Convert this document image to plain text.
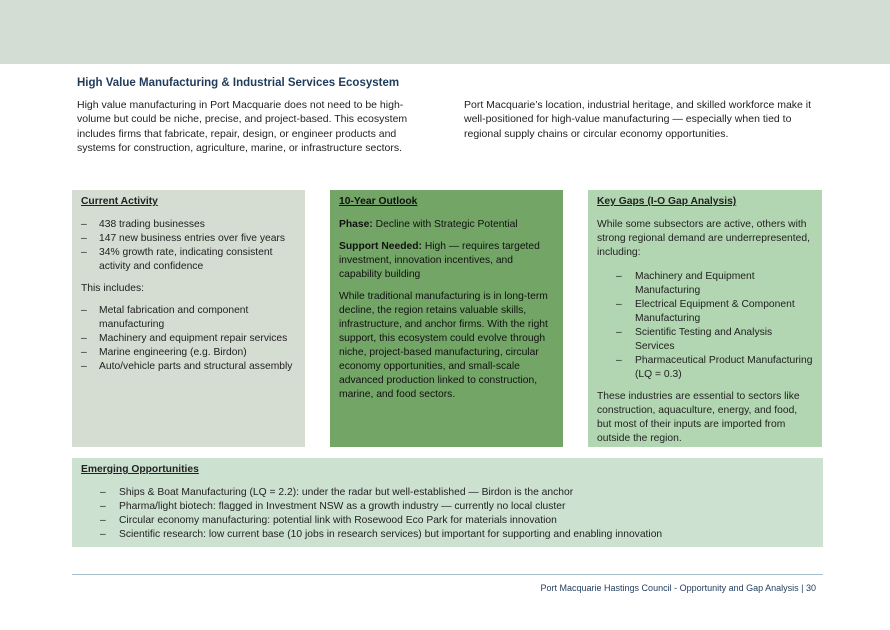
High Value Manufacturing & Industrial Services Ecosystem

High value manufacturing in Port Macquarie does not need to be high-volume but could be niche, precise, and project-based. This ecosystem includes firms that fabricate, repair, design, or engineer products and systems for construction, agriculture, marine, or infrastructure sectors.

Port Macquarie’s location, industrial heritage, and skilled workforce make it well-positioned for high-value manufacturing — especially when tied to regional supply chains or circular economy opportunities.

Current Activity
– 438 trading businesses
– 147 new business entries over five years
– 34% growth rate, indicating consistent activity and confidence

This includes:

– Metal fabrication and component manufacturing
– Machinery and equipment repair services
– Marine engineering (e.g. Birdon)
– Auto/vehicle parts and structural assembly
10-Year Outlook

Phase: Decline with Strategic Potential

Support Needed: High — requires targeted investment, innovation incentives, and capability building

While traditional manufacturing is in long-term decline, the region retains valuable skills, infrastructure, and anchor firms. With the right support, this ecosystem could evolve through niche, project-based manufacturing, circular economy opportunities, and small-scale advanced production linked to construction, marine, and food sectors.

Key Gaps (I-O Gap Analysis)

While some subsectors are active, others with strong regional demand are underrepresented, including:

– Machinery and Equipment Manufacturing
– Electrical Equipment & Component Manufacturing
– Scientific Testing and Analysis Services
– Pharmaceutical Product Manufacturing (LQ = 0.3)

These industries are essential to sectors like construction, aquaculture, energy, and food, but most of their inputs are imported from outside the region.

Emerging Opportunities
– Ships & Boat Manufacturing (LQ = 2.2): under the radar but well-established — Birdon is the anchor
– Pharma/light biotech: flagged in Investment NSW as a growth industry — currently no local cluster
– Circular economy manufacturing: potential link with Rosewood Eco Park for materials innovation
– Scientific research: low current base (10 jobs in research services) but important for supporting and enabling innovation
Port Macquarie Hastings Council - Opportunity and Gap Analysis | 30
